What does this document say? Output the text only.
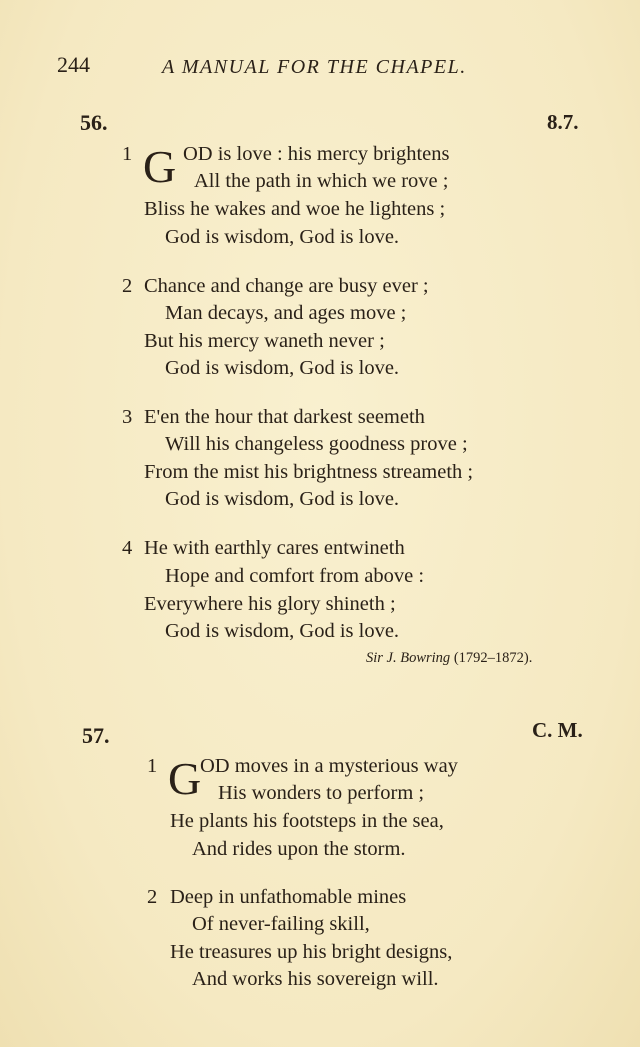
244	A MANUAL FOR THE CHAPEL.
56.	8.7.
1 G OD is love : his mercy brightens
All the path in which we rove ;
Bliss he wakes and woe he lightens ;
God is wisdom, God is love.
2 Chance and change are busy ever ;
Man decays, and ages move ;
But his mercy waneth never ;
God is wisdom, God is love.
3 E'en the hour that darkest seemeth
Will his changeless goodness prove ;
From the mist his brightness streameth ;
God is wisdom, God is love.
4 He with earthly cares entwineth
Hope and comfort from above :
Everywhere his glory shineth ;
God is wisdom, God is love.
Sir J. Bowring (1792–1872).
57.	C. M.
1 G
OD moves in a mysterious way
His wonders to perform ;
He plants his footsteps in the sea,
And rides upon the storm.
2 Deep in unfathomable mines
Of never-failing skill,
He treasures up his bright designs,
And works his sovereign will.
